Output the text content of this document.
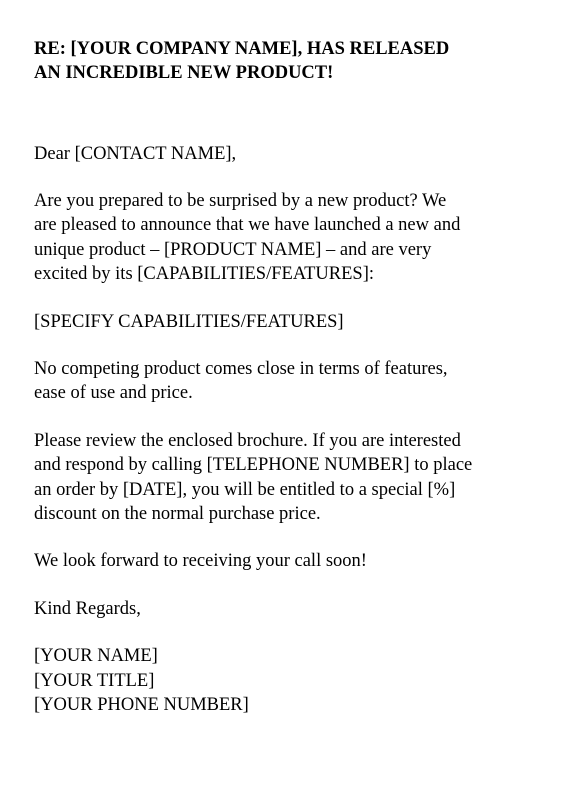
RE: [YOUR COMPANY NAME], HAS RELEASED
AN INCREDIBLE NEW PRODUCT!

Dear [CONTACT NAME],

Are you prepared to be surprised by a new product? We
are pleased to announce that we have launched a new and
unique product – [PRODUCT NAME] – and are very
excited by its [CAPABILITIES/FEATURES]:

[SPECIFY CAPABILITIES/FEATURES]

No competing product comes close in terms of features,
ease of use and price.

Please review the enclosed brochure. If you are interested
and respond by calling [TELEPHONE NUMBER] to place
an order by [DATE], you will be entitled to a special [%]
discount on the normal purchase price.

We look forward to receiving your call soon!

Kind Regards,

[YOUR NAME]
[YOUR TITLE]
[YOUR PHONE NUMBER]
